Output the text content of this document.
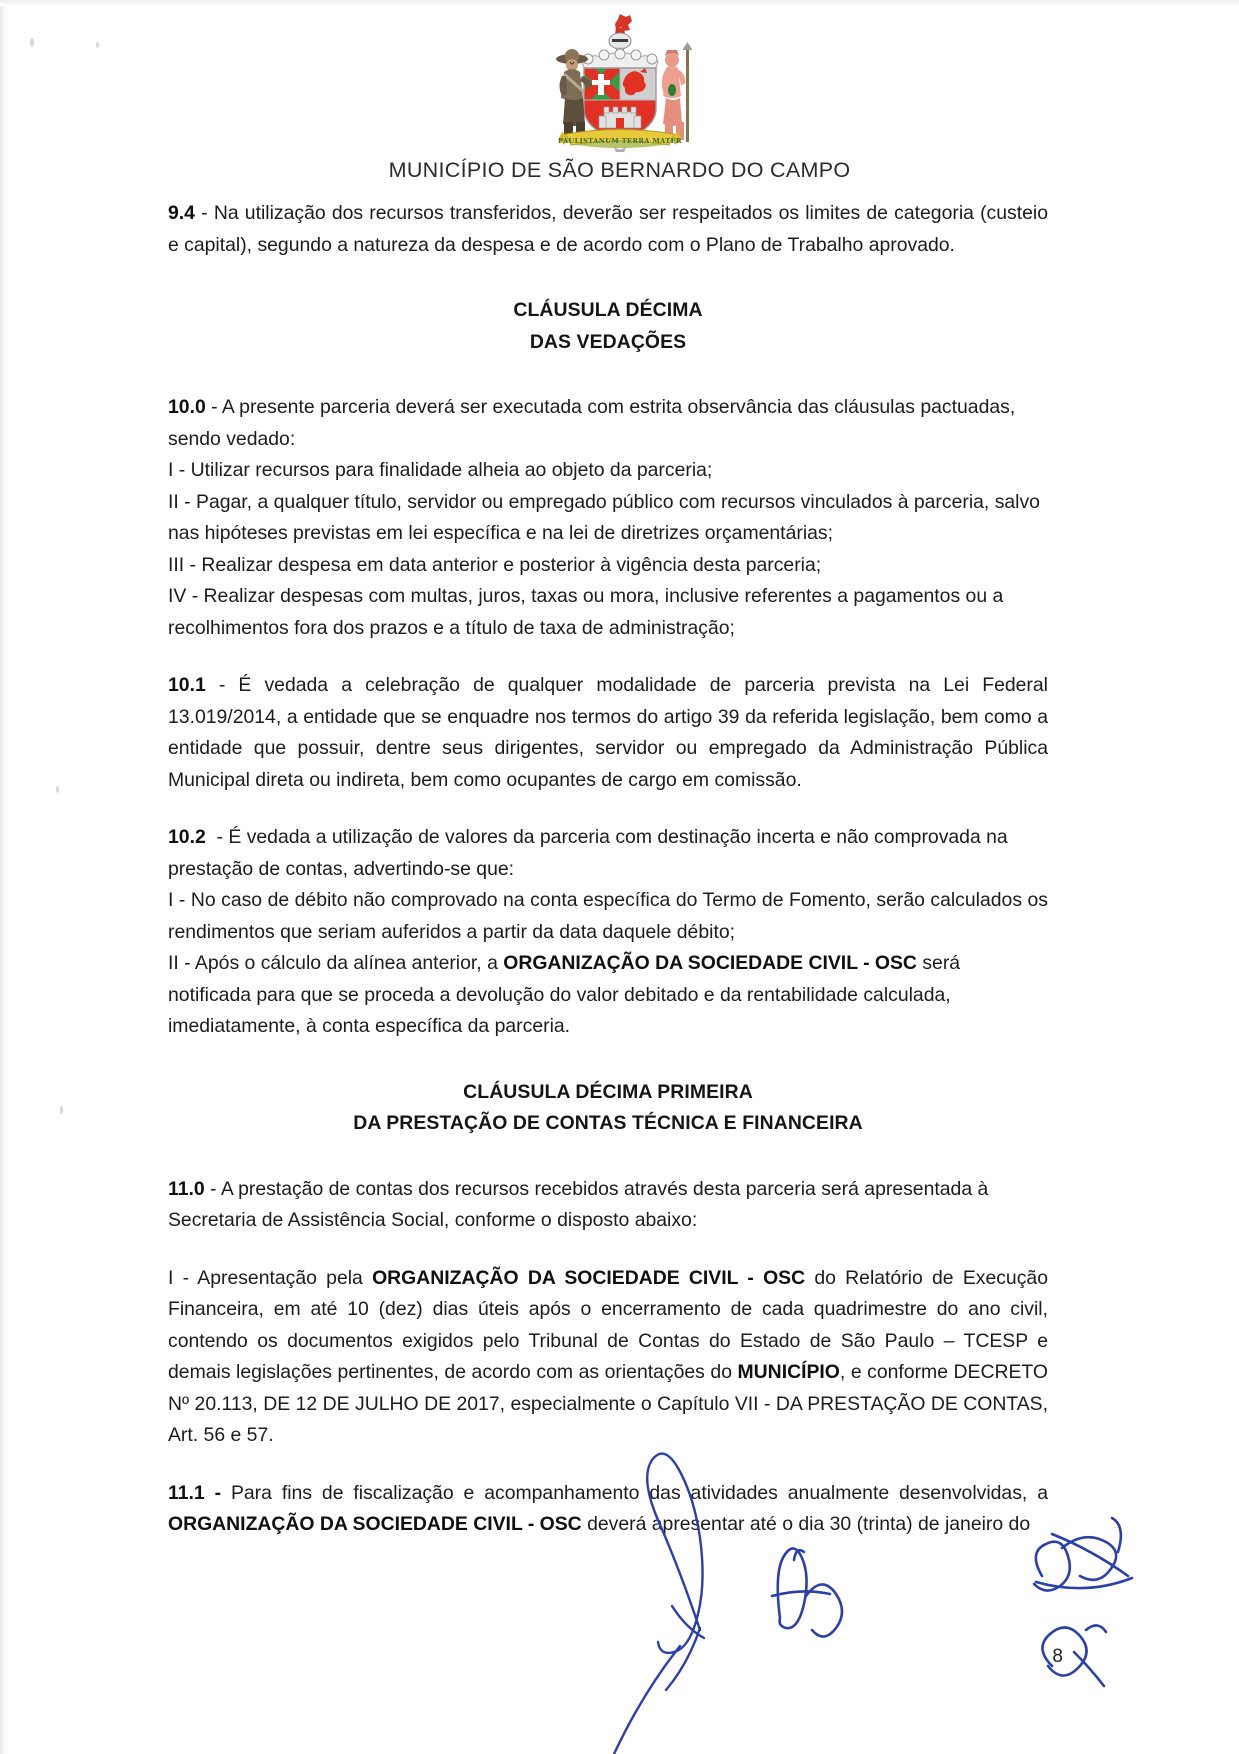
PAULISTANUM TERRA MATER
MUNICÍPIO DE SÃO BERNARDO DO CAMPO

9.4 - Na utilização dos recursos transferidos, deverão ser respeitados os limites de categoria (custeio e capital), segundo a natureza da despesa e de acordo com o Plano de Trabalho aprovado.

CLÁUSULA DÉCIMA

DAS VEDAÇÕES

10.0 - A presente parceria deverá ser executada com estrita observância das cláusulas pactuadas, sendo vedado:

I - Utilizar recursos para finalidade alheia ao objeto da parceria;

II - Pagar, a qualquer título, servidor ou empregado público com recursos vinculados à parceria, salvo nas hipóteses previstas em lei específica e na lei de diretrizes orçamentárias;

III - Realizar despesa em data anterior e posterior à vigência desta parceria;

IV - Realizar despesas com multas, juros, taxas ou mora, inclusive referentes a pagamentos ou a recolhimentos fora dos prazos e a título de taxa de administração;

10.1 - É vedada a celebração de qualquer modalidade de parceria prevista na Lei Federal 13.019/2014, a entidade que se enquadre nos termos do artigo 39 da referida legislação, bem como a entidade que possuir, dentre seus dirigentes, servidor ou empregado da Administração Pública Municipal direta ou indireta, bem como ocupantes de cargo em comissão.

10.2  - É vedada a utilização de valores da parceria com destinação incerta e não comprovada na prestação de contas, advertindo-se que:

I - No caso de débito não comprovado na conta específica do Termo de Fomento, serão calculados os rendimentos que seriam auferidos a partir da data daquele débito;

II - Após o cálculo da alínea anterior, a ORGANIZAÇÃO DA SOCIEDADE CIVIL - OSC será notificada para que se proceda a devolução do valor debitado e da rentabilidade calculada, imediatamente, à conta específica da parceria.

CLÁUSULA DÉCIMA PRIMEIRA

DA PRESTAÇÃO DE CONTAS TÉCNICA E FINANCEIRA

11.0 - A prestação de contas dos recursos recebidos através desta parceria será apresentada à Secretaria de Assistência Social, conforme o disposto abaixo:

I - Apresentação pela ORGANIZAÇÃO DA SOCIEDADE CIVIL - OSC do Relatório de Execução Financeira, em até 10 (dez) dias úteis após o encerramento de cada quadrimestre do ano civil, contendo os documentos exigidos pelo Tribunal de Contas do Estado de São Paulo – TCESP e demais legislações pertinentes, de acordo com as orientações do MUNICÍPIO, e conforme DECRETO Nº 20.113, DE 12 DE JULHO DE 2017, especialmente o Capítulo VII - DA PRESTAÇÃO DE CONTAS, Art. 56 e 57.

11.1 - Para fins de fiscalização e acompanhamento das atividades anualmente desenvolvidas, a ORGANIZAÇÃO DA SOCIEDADE CIVIL - OSC deverá apresentar até o dia 30 (trinta) de janeiro do

8
